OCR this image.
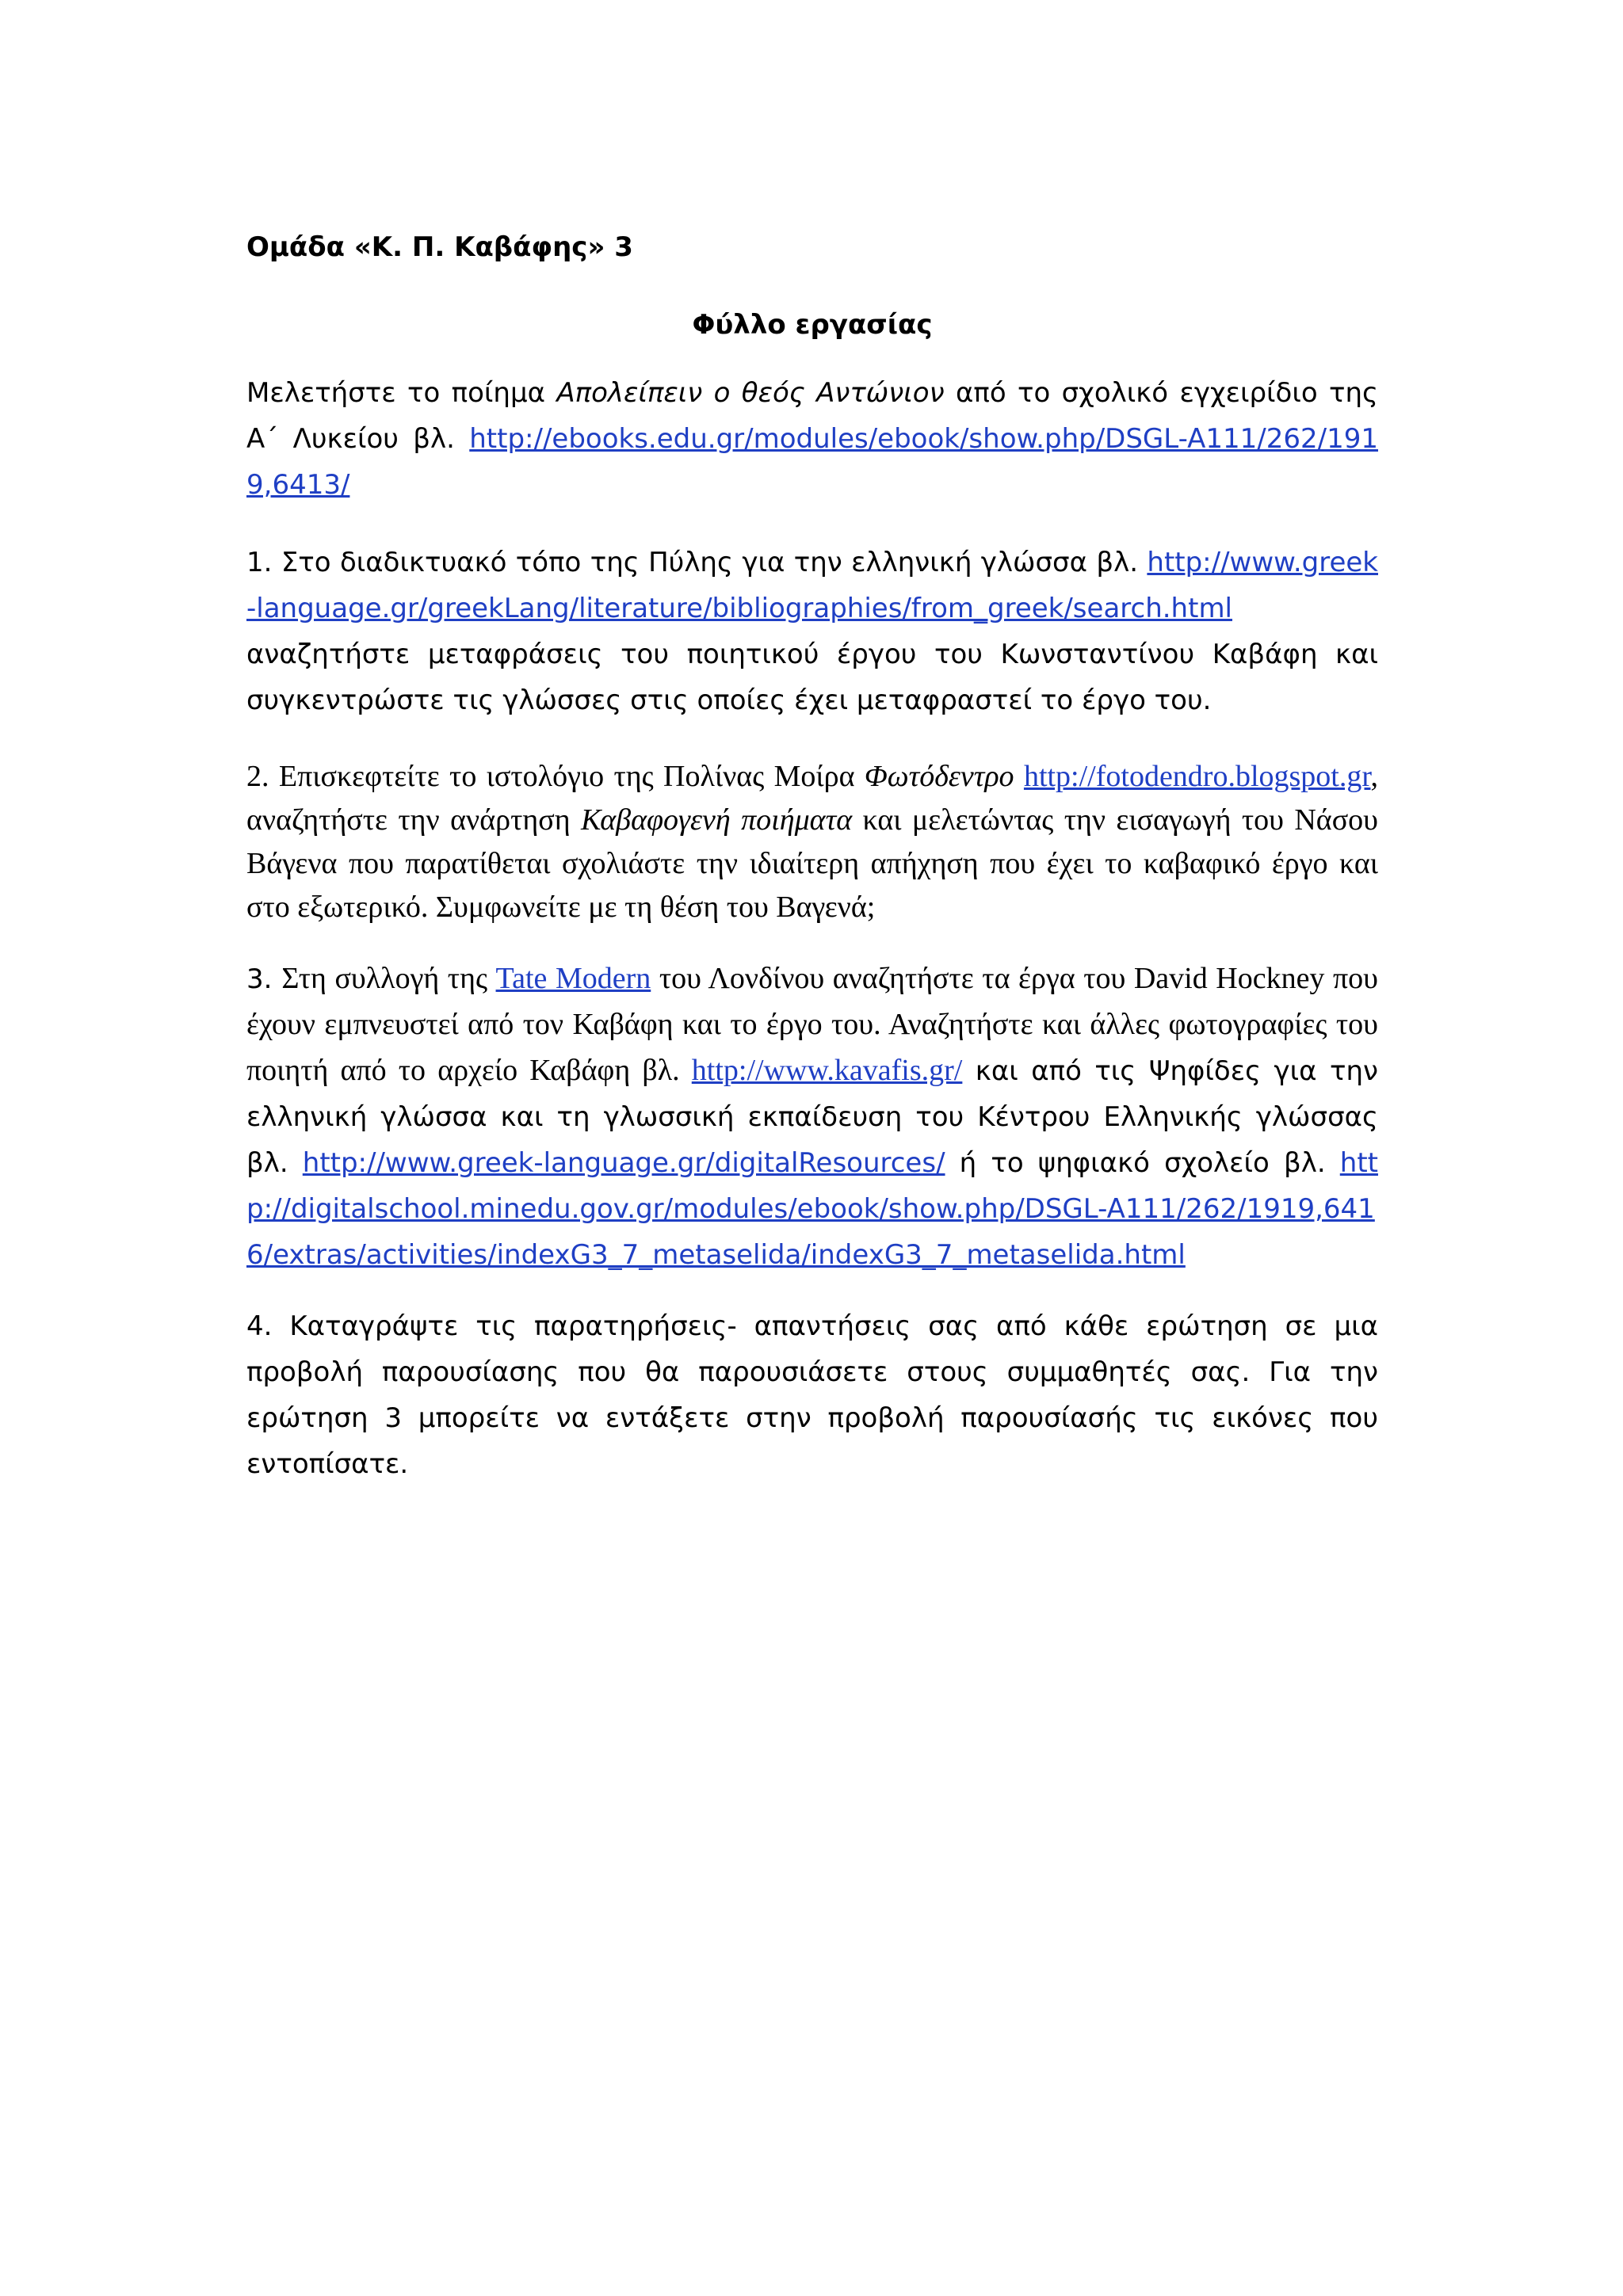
Ομάδα «Κ. Π. Καβάφης» 3

Φύλλο εργασίας

Μελετήστε το ποίημα Απολείπειν ο θεός Αντώνιον από το σχολικό εγχειρίδιο της Α΄ Λυκείου βλ. http://ebooks.edu.gr/modules/ebook/show.php/DSGL-A111/262/1919,6413/

1. Στο διαδικτυακό τόπο της Πύλης για την ελληνική γλώσσα βλ. http://www.greek-language.gr/greekLang/literature/bibliographies/from_greek/search.html αναζητήστε μεταφράσεις του ποιητικού έργου του Κωνσταντίνου Καβάφη και συγκεντρώστε τις γλώσσες στις οποίες έχει μεταφραστεί το έργο του.

2. Επισκεφτείτε το ιστολόγιο της Πολίνας Μοίρα Φωτόδεντρο http://fotodendro.blogspot.gr, αναζητήστε την ανάρτηση Καβαφογενή ποιήματα και μελετώντας την εισαγωγή του Νάσου Βάγενα που παρατίθεται σχολιάστε την ιδιαίτερη απήχηση που έχει το καβαφικό έργο και στο εξωτερικό. Συμφωνείτε με τη θέση του Βαγενά;

3. Στη συλλογή της Tate Modern του Λονδίνου αναζητήστε τα έργα του David Hockney που έχουν εμπνευστεί από τον Καβάφη και το έργο του. Αναζητήστε και άλλες φωτογραφίες του ποιητή από το αρχείο Καβάφη βλ. http://www.kavafis.gr/ και από τις Ψηφίδες για την ελληνική γλώσσα και τη γλωσσική εκπαίδευση του Κέντρου Ελληνικής γλώσσας βλ. http://www.greek-language.gr/digitalResources/ ή το ψηφιακό σχολείο βλ. http://digitalschool.minedu.gov.gr/modules/ebook/show.php/DSGL-A111/262/1919,6416/extras/activities/indexG3_7_metaselida/indexG3_7_metaselida.html

4. Καταγράψτε τις παρατηρήσεις- απαντήσεις σας από κάθε ερώτηση σε μια προβολή παρουσίασης που θα παρουσιάσετε στους συμμαθητές σας. Για την ερώτηση 3 μπορείτε να εντάξετε στην προβολή παρουσίασής τις εικόνες που εντοπίσατε.
